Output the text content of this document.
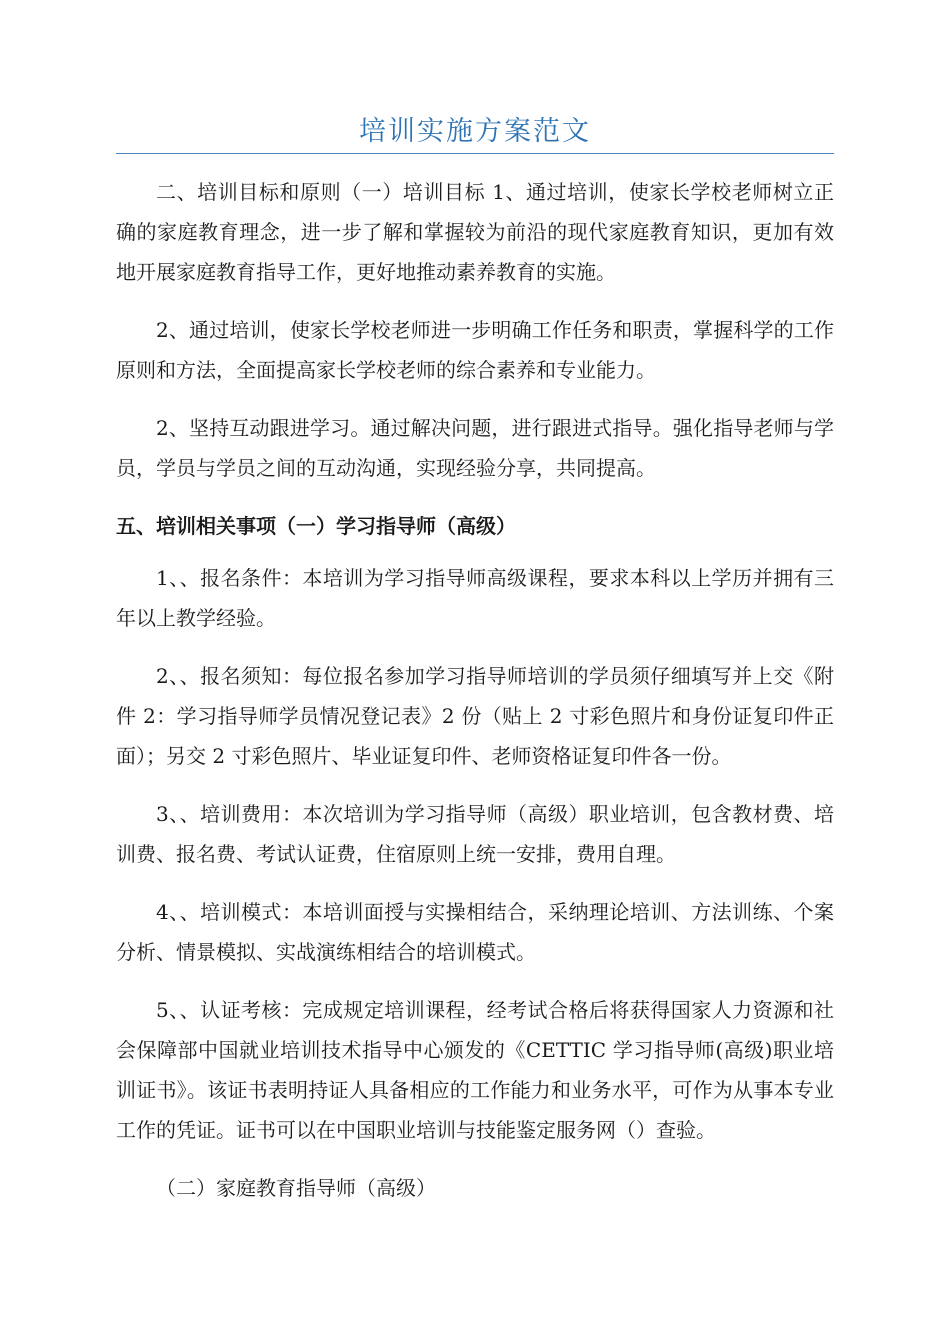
培训实施方案范文

二、培训目标和原则（一）培训目标 1、通过培训，使家长学校老师树立正确的家庭教育理念，进一步了解和掌握较为前沿的现代家庭教育知识，更加有效地开展家庭教育指导工作，更好地推动素养教育的实施。

2、通过培训，使家长学校老师进一步明确工作任务和职责，掌握科学的工作原则和方法，全面提高家长学校老师的综合素养和专业能力。

2、坚持互动跟进学习。通过解决问题，进行跟进式指导。强化指导老师与学员，学员与学员之间的互动沟通，实现经验分享，共同提高。

五、培训相关事项（一）学习指导师（高级）

1、、报名条件：本培训为学习指导师高级课程，要求本科以上学历并拥有三年以上教学经验。

2、、报名须知：每位报名参加学习指导师培训的学员须仔细填写并上交《附件 2：学习指导师学员情况登记表》2 份（贴上 2 寸彩色照片和身份证复印件正面）；另交 2 寸彩色照片、毕业证复印件、老师资格证复印件各一份。

3、、培训费用：本次培训为学习指导师（高级）职业培训，包含教材费、培训费、报名费、考试认证费，住宿原则上统一安排，费用自理。

4、、培训模式：本培训面授与实操相结合，采纳理论培训、方法训练、个案分析、情景模拟、实战演练相结合的培训模式。

5、、认证考核：完成规定培训课程，经考试合格后将获得国家人力资源和社会保障部中国就业培训技术指导中心颁发的《CETTIC 学习指导师(高级)职业培训证书》。该证书表明持证人具备相应的工作能力和业务水平，可作为从事本专业工作的凭证。证书可以在中国职业培训与技能鉴定服务网（）查验。

（二）家庭教育指导师（高级）
